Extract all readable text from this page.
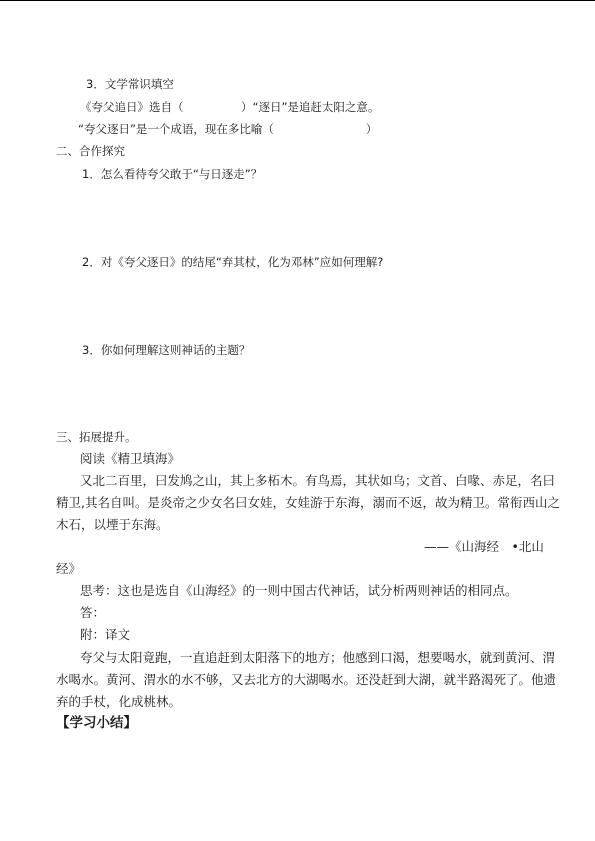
3．文学常识填空
《夸父追日》选自（　　　　　）“逐日”是追赶太阳之意。
“夸父逐日”是一个成语，现在多比喻（　　　　　　　　）
二、合作探究
1．怎么看待夸父敢于“与日逐走”？
2．对《夸父逐日》的结尾“弃其杖，化为邓林”应如何理解?
3．你如何理解这则神话的主题？
三、拓展提升。
阅读《精卫填海》
又北二百里，曰发鸠之山，其上多柘木。有鸟焉，其状如乌；文首、白喙、赤足，名曰
精卫,其名自叫。是炎帝之少女名曰女娃，女娃游于东海，溺而不返，故为精卫。常衔西山之
木石，以堙于东海。
——《山海经　•北山
经》
思考：这也是选自《山海经》的一则中国古代神话，试分析两则神话的相同点。
答：
附：译文
夸父与太阳竟跑，一直追赶到太阳落下的地方；他感到口渴，想要喝水，就到黄河、渭
水喝水。黄河、渭水的水不够，又去北方的大湖喝水。还没赶到大湖，就半路渴死了。他遗
弃的手杖，化成桃林。
【学习小结】
